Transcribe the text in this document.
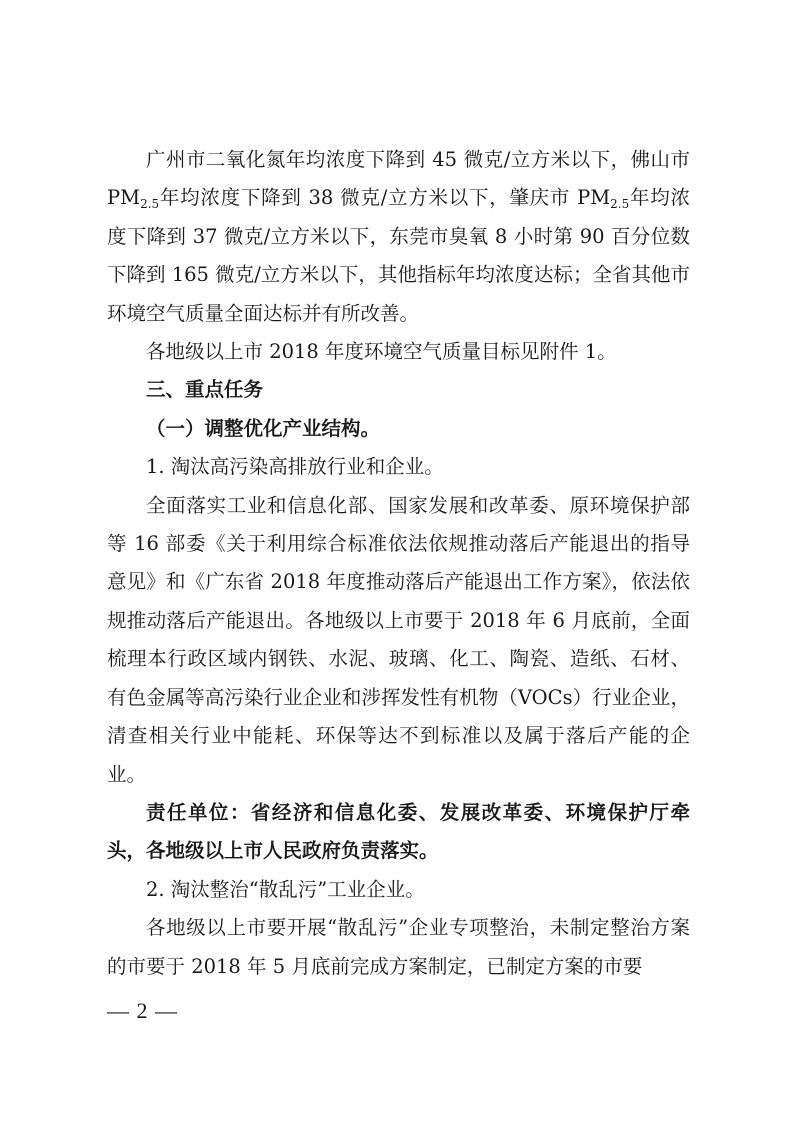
广州市二氧化氮年均浓度下降到 45 微克/立方米以下，佛山市 $PM_{2.5}$年均浓度下降到 38 微克/立方米以下，肇庆市 $PM_{2.5}$年均浓度下降到 37 微克/立方米以下，东莞市臭氧 8 小时第 90 百分位数下降到 165 微克/立方米以下，其他指标年均浓度达标；全省其他市环境空气质量全面达标并有所改善。

各地级以上市 2018 年度环境空气质量目标见附件 1。

三、重点任务

（一）调整优化产业结构。

1. 淘汰高污染高排放行业和企业。

全面落实工业和信息化部、国家发展和改革委、原环境保护部等 16 部委《关于利用综合标准依法依规推动落后产能退出的指导意见》和《广东省 2018 年度推动落后产能退出工作方案》，依法依规推动落后产能退出。各地级以上市要于 2018 年 6 月底前，全面梳理本行政区域内钢铁、水泥、玻璃、化工、陶瓷、造纸、石材、有色金属等高污染行业企业和涉挥发性有机物（VOCs）行业企业，清查相关行业中能耗、环保等达不到标准以及属于落后产能的企业。

责任单位：省经济和信息化委、发展改革委、环境保护厅牵头，各地级以上市人民政府负责落实。

2. 淘汰整治“散乱污”工业企业。

各地级以上市要开展“散乱污”企业专项整治，未制定整治方案的市要于 2018 年 5 月底前完成方案制定，已制定方案的市要

— 2 —
